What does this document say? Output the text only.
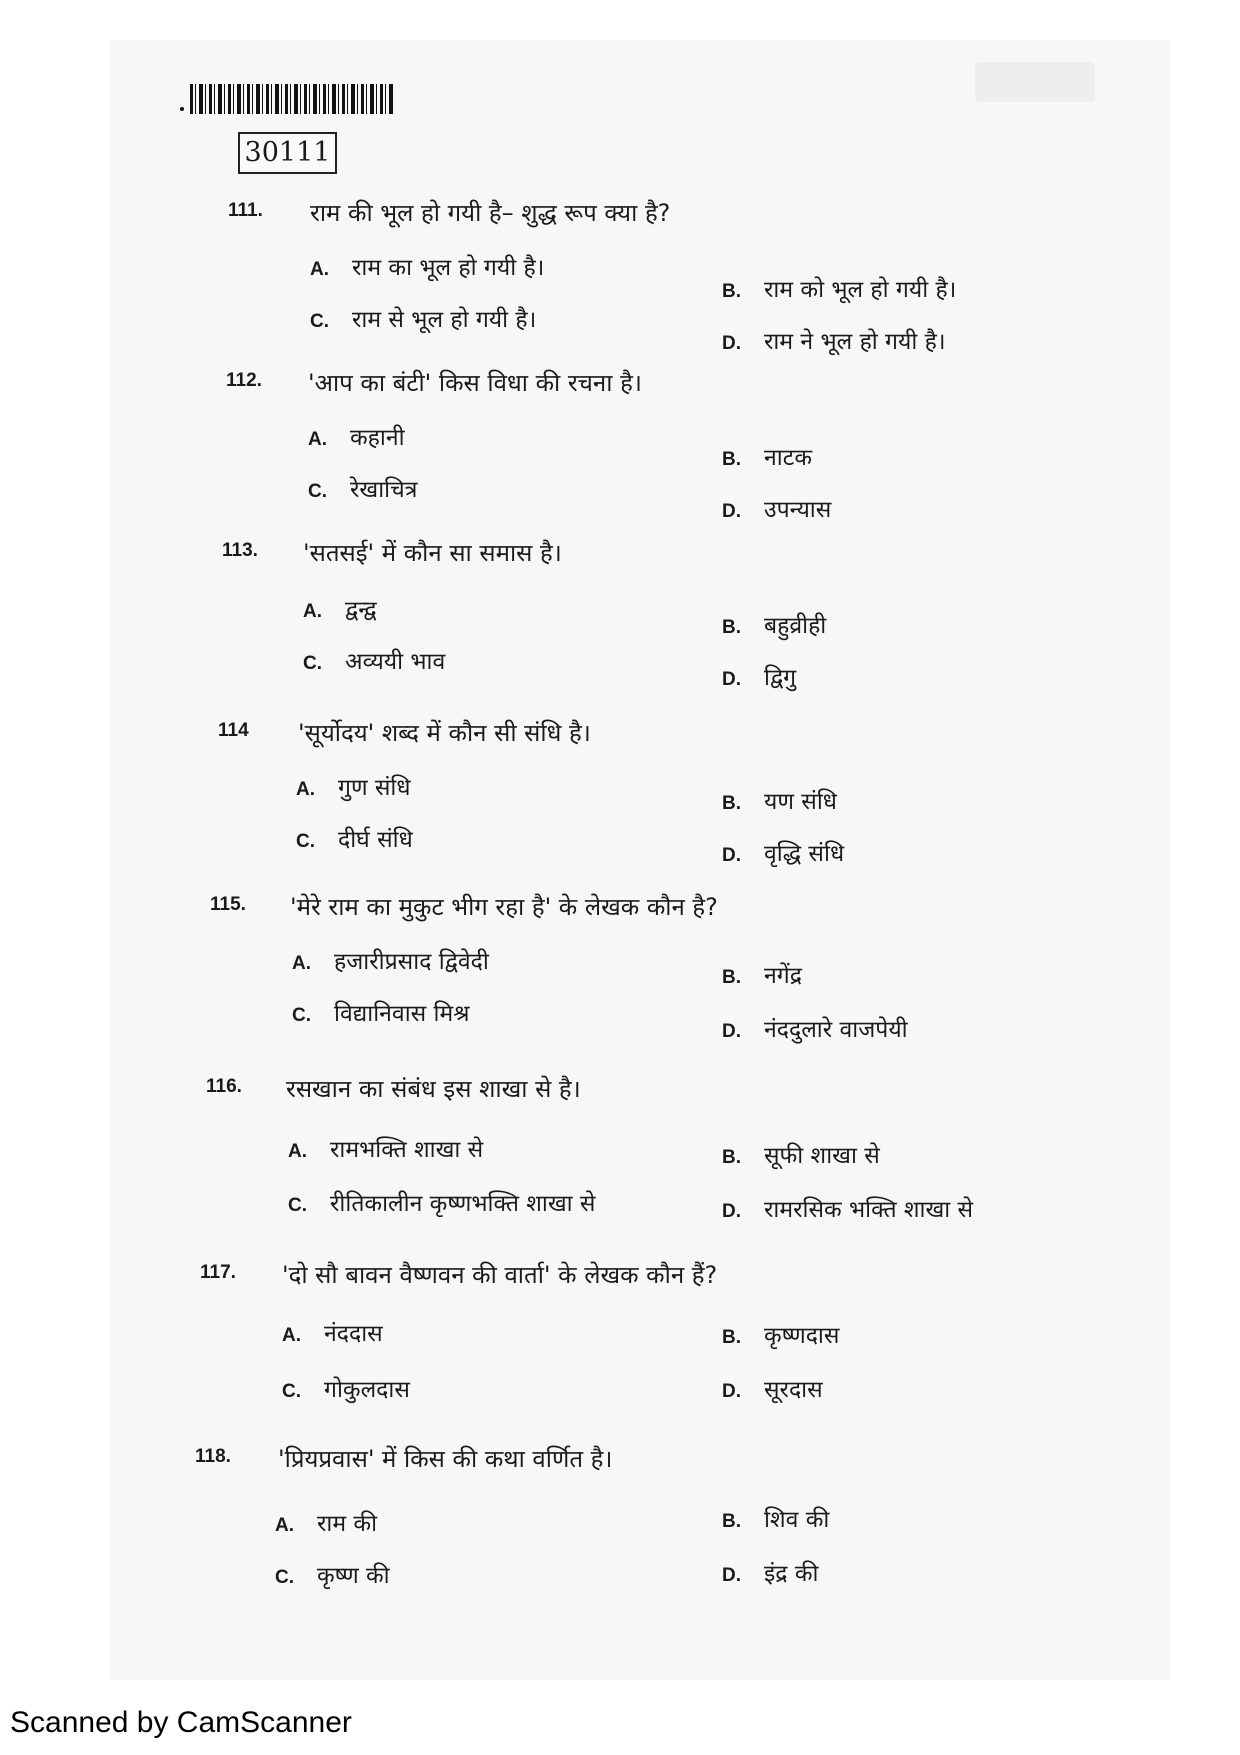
30111
111. राम की भूल हो गयी है– शुद्ध रूप क्या है?
A. राम का भूल हो गयी है।
B. राम को भूल हो गयी है।
C. राम से भूल हो गयी है।
D. राम ने भूल हो गयी है।
112. 'आप का बंटी' किस विधा की रचना है।
A. कहानी
B. नाटक
C. रेखाचित्र
D. उपन्यास
113. 'सतसई' में कौन सा समास है।
A. द्वन्द्व
B. बहुव्रीही
C. अव्ययी भाव
D. द्विगु
114 'सूर्योदय' शब्द में कौन सी संधि है।
A. गुण संधि
B. यण संधि
C. दीर्घ संधि
D. वृद्धि संधि
115. 'मेरे राम का मुकुट भीग रहा है' के लेखक कौन है?
A. हजारीप्रसाद द्विवेदी
B. नगेंद्र
C. विद्यानिवास मिश्र
D. नंददुलारे वाजपेयी
116. रसखान का संबंध इस शाखा से है।
A. रामभक्ति शाखा से	B. सूफी शाखा से
C. रीतिकालीन कृष्णभक्ति शाखा से	D. रामरसिक भक्ति शाखा से
117. 'दो सौ बावन वैष्णवन की वार्ता' के लेखक कौन हैं?
A. नंददास	B. कृष्णदास
C. गोकुलदास	D. सूरदास
118. 'प्रियप्रवास' में किस की कथा वर्णित है।
A. राम की	B. शिव की
C. कृष्ण की	D. इंद्र की
Scanned by CamScanner
